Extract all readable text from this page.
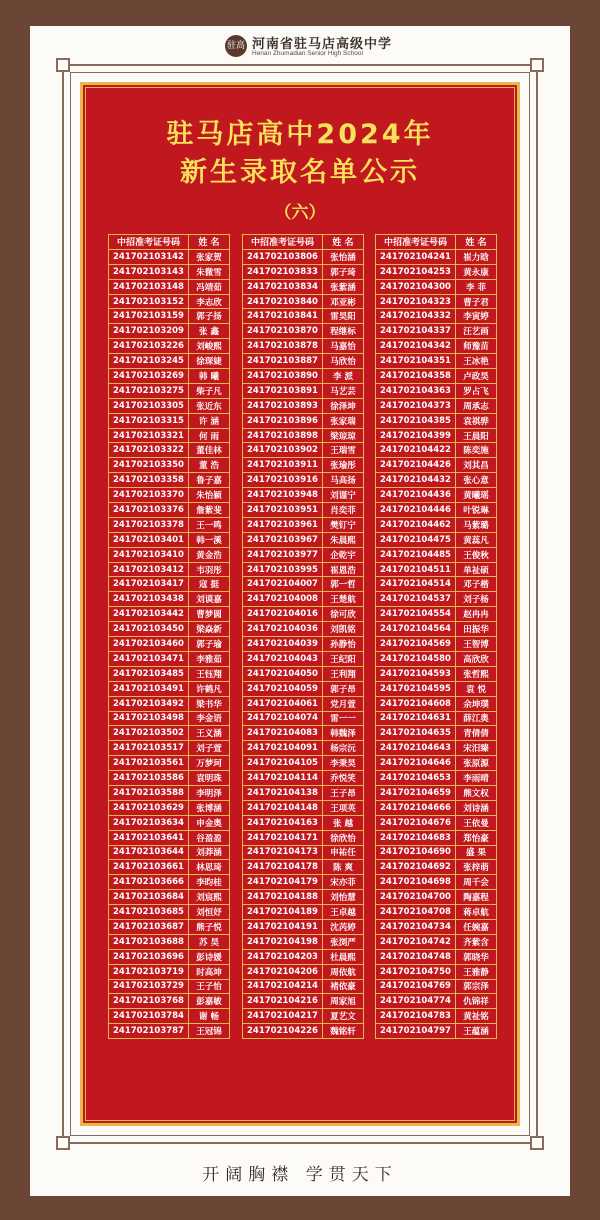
驻高 河南省驻马店高级中学
Henan Zhumadian Senior High School
驻马店高中2024年
新生录取名单公示
（六）
中招准考证号码	姓 名
241702103142	张家贺
241702103143	朱微雪
241702103148	冯靖茹
241702103152	李志欣
241702103159	郭子扬
241702103209	张 鑫
241702103226	刘峻熙
241702103245	徐琛婕
241702103269	韩 曦
241702103275	柴子凡
241702103305	张近东
241702103315	许 涵
241702103321	何 雨
241702103322	董佳林
241702103350	董 浩
241702103358	鲁子嘉
241702103370	朱怡颖
241702103376	詹紫斐
241702103378	王一鸣
241702103401	韩一溪
241702103410	黄金浩
241702103412	韦羽彤
241702103417	寇 挺
241702103438	刘谟嘉
241702103442	曹梦圆
241702103450	梁焱新
241702103460	郭子瑜
241702103471	李雅茹
241702103485	王钰翔
241702103491	许鹤凡
241702103492	梁书华
241702103498	李金语
241702103502	王义涵
241702103517	刘子萱
241702103561	万梦珂
241702103586	袁明珠
241702103588	李明泽
241702103629	张博涵
241702103634	申金奥
241702103641	谷盈盈
241702103644	刘莽涵
241702103661	林思琦
241702103666	李昀桂
241702103684	刘宸熙
241702103685	刘恒妤
241702103687	熊子悦
241702103688	苏 昊
241702103696	彭诗媛
241702103719	时高坤
241702103729	王子怡
241702103768	彭嘉敏
241702103784	谢 畅
241702103787	王冠锦
中招准考证号码	姓 名
241702103806	张怡涵
241702103833	郭子琦
241702103834	张紫涵
241702103840	邓亚彬
241702103841	雷昊阳
241702103870	程继标
241702103878	马嘉怡
241702103887	马欣怡
241702103890	李 派
241702103891	马艺芸
241702103893	徐泽坤
241702103896	张家瑞
241702103898	梁琼琼
241702103902	王瑞雪
241702103911	张瑜彤
241702103916	马高扬
241702103948	刘谨宁
241702103951	肖奕菲
241702103961	樊钉宁
241702103967	朱晨熙
241702103977	企乾宇
241702103995	崔恩浩
241702104007	郭一哲
241702104008	王楚航
241702104016	徐可欣
241702104036	刘凯铭
241702104039	孙静怡
241702104043	王纪阳
241702104050	王利翔
241702104059	郭子昂
241702104061	党月萱
241702104074	雷一一
241702104083	韩魏泽
241702104091	杨宗沅
241702104105	李秉昊
241702104114	乔悦笑
241702104138	王子昂
241702104148	王项英
241702104163	张 越
241702104171	徐欣怡
241702104173	申祐任
241702104178	陈 爽
241702104179	宋亦菲
241702104188	刘怡慧
241702104189	王卓越
241702104191	沈芮婷
241702104198	张浏严
241702104203	杜晨熙
241702104206	周依航
241702104214	褚依豪
241702104216	周家旭
241702104217	夏艺文
241702104226	魏铭轩
中招准考证号码	姓 名
241702104241	崔力晗
241702104253	黄永康
241702104300	李 菲
241702104323	曹子君
241702104332	李寅婷
241702104337	汪艺画
241702104342	师豫苗
241702104351	王冰艳
241702104358	卢政昊
241702104363	罗占飞
241702104373	周承志
241702104385	袁祺骅
241702104399	王晨阳
241702104422	陈奕施
241702104426	刘其昌
241702104432	张心意
241702104436	黄曦瑶
241702104446	叶锐琳
241702104462	马紫璐
241702104475	黄蕊凡
241702104485	王俊秋
241702104511	单祉硕
241702104514	邓子楷
241702104537	刘子杨
241702104554	赵冉冉
241702104564	田振华
241702104569	王智博
241702104580	高欣欣
241702104593	张哲熙
241702104595	袁 悦
241702104608	余坤璞
241702104631	薛江奥
241702104635	青倩倩
241702104643	宋汨臻
241702104646	张原源
241702104653	李雨晴
241702104659	熊文权
241702104666	刘诗涵
241702104676	王依曼
241702104683	郑怡豪
241702104690	盛 果
241702104692	张梓萌
241702104698	周千会
241702104700	陶嘉程
241702104708	蒋卓航
241702104734	任婉嘉
241702104742	齐紫含
241702104748	郭晓华
241702104750	王雅静
241702104769	郭宗泽
241702104774	仇锦祥
241702104783	黄祉铭
241702104797	王蕴涵
开阔胸襟 学贯天下
